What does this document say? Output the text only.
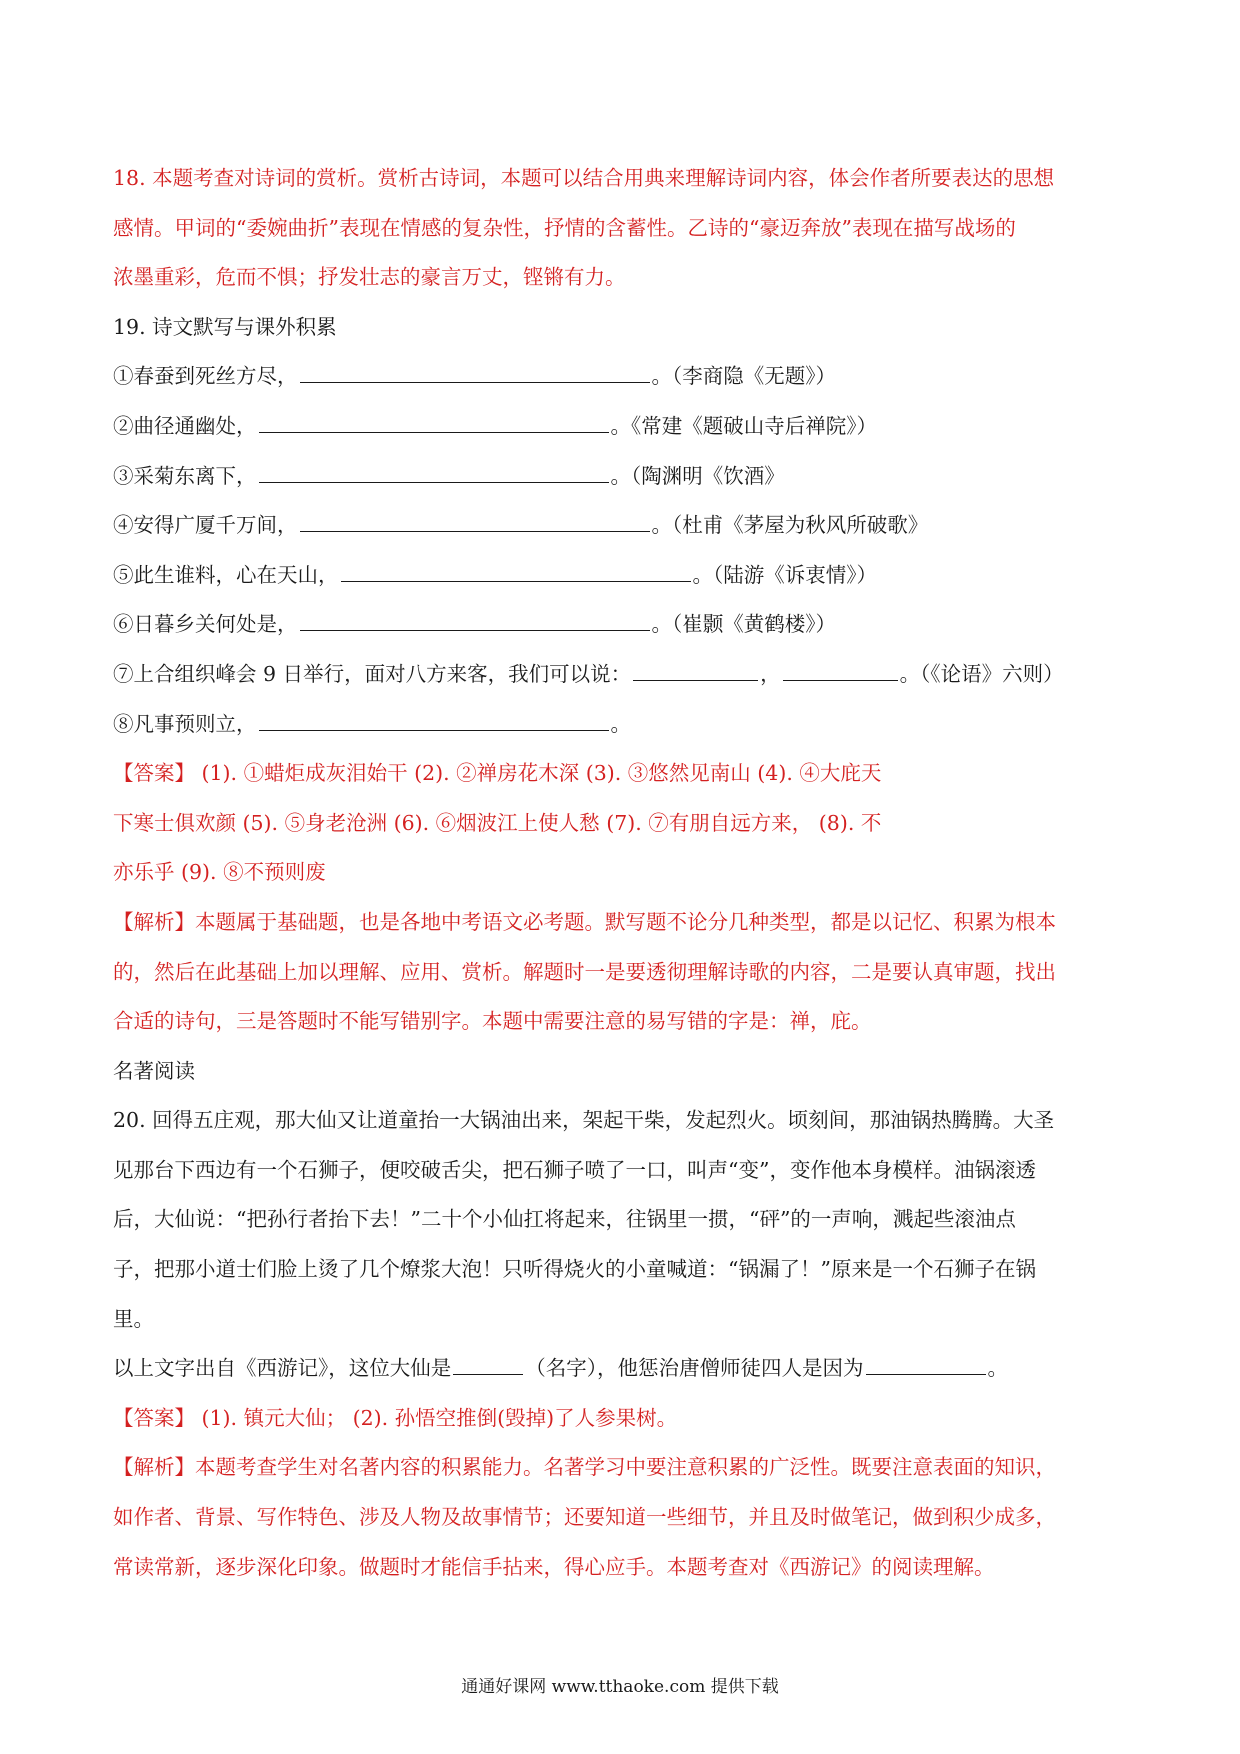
18. 本题考查对诗词的赏析。赏析古诗词，本题可以结合用典来理解诗词内容，体会作者所要表达的思想
感情。甲词的“委婉曲折”表现在情感的复杂性，抒情的含蓄性。乙诗的“豪迈奔放”表现在描写战场的
浓墨重彩，危而不惧；抒发壮志的豪言万丈，铿锵有力。
19. 诗文默写与课外积累
①春蚕到死丝方尽，	。（李商隐《无题》）
②曲径通幽处，	。《常建《题破山寺后禅院》）
③采菊东离下，	。（陶渊明《饮酒》
④安得广厦千万间，	。（杜甫《茅屋为秋风所破歌》
⑤此生谁料，心在天山，	。（陆游《诉衷情》）
⑥日暮乡关何处是，	。（崔颢《黄鹤楼》）
⑦上合组织峰会 9 日举行，面对八方来客，我们可以说：	，	。（《论语》六则）
⑧凡事预则立，	。
【答案】 (1). ①蜡炬成灰泪始干 (2). ②禅房花木深 (3). ③悠然见南山 (4). ④大庇天
下寒士俱欢颜 (5). ⑤身老沧洲 (6). ⑥烟波江上使人愁 (7). ⑦有朋自远方来， (8). 不
亦乐乎 (9). ⑧不预则废
【解析】本题属于基础题，也是各地中考语文必考题。默写题不论分几种类型，都是以记忆、积累为根本
的，然后在此基础上加以理解、应用、赏析。解题时一是要透彻理解诗歌的内容，二是要认真审题，找出
合适的诗句，三是答题时不能写错别字。本题中需要注意的易写错的字是：禅，庇。
名著阅读
20. 回得五庄观，那大仙又让道童抬一大锅油出来，架起干柴，发起烈火。顷刻间，那油锅热腾腾。大圣
见那台下西边有一个石狮子，便咬破舌尖，把石狮子喷了一口，叫声“变”，变作他本身模样。油锅滚透
后，大仙说：“把孙行者抬下去！”二十个小仙扛将起来，往锅里一掼，“砰”的一声响，溅起些滚油点
子，把那小道士们脸上烫了几个燎浆大泡！只听得烧火的小童喊道：“锅漏了！”原来是一个石狮子在锅
里。
以上文字出自《西游记》，这位大仙是	（名字），他惩治唐僧师徒四人是因为	。
【答案】 (1). 镇元大仙； (2). 孙悟空推倒(毁掉)了人参果树。
【解析】本题考查学生对名著内容的积累能力。名著学习中要注意积累的广泛性。既要注意表面的知识，
如作者、背景、写作特色、涉及人物及故事情节；还要知道一些细节，并且及时做笔记，做到积少成多，
常读常新，逐步深化印象。做题时才能信手拈来，得心应手。本题考查对《西游记》的阅读理解。
通通好课网 www.tthaoke.com 提供下载
